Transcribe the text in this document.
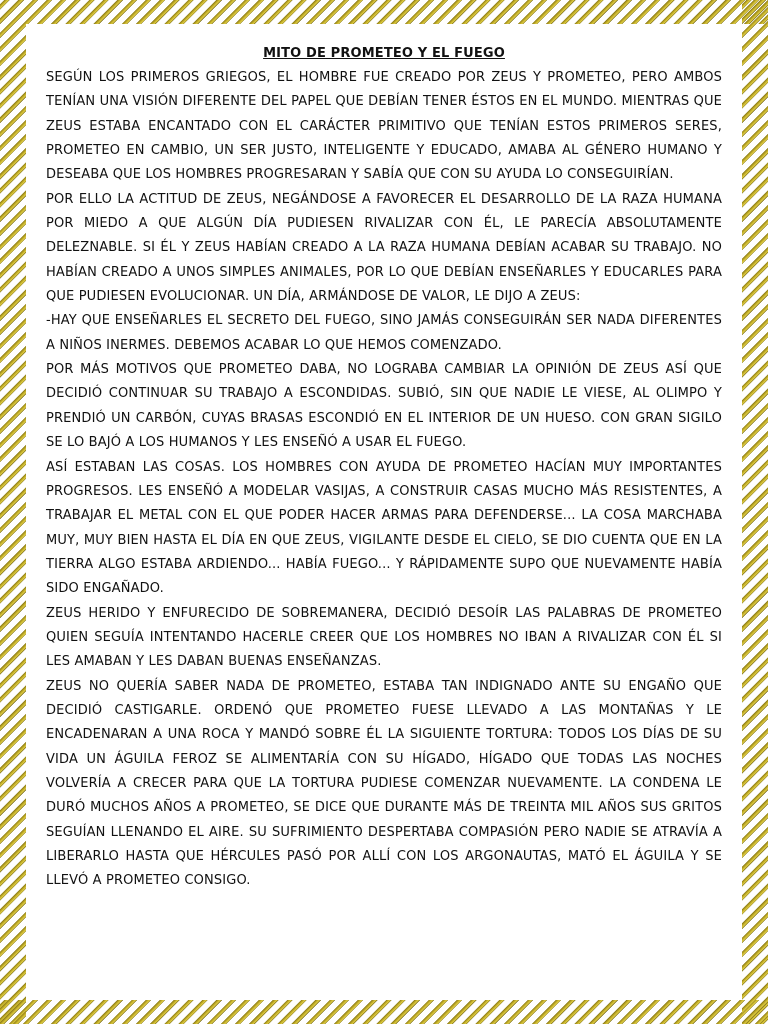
MITO DE PROMETEO Y EL FUEGO

SEGÚN LOS PRIMEROS GRIEGOS, EL HOMBRE FUE CREADO POR ZEUS Y PROMETEO, PERO AMBOS TENÍAN UNA VISIÓN DIFERENTE DEL PAPEL QUE DEBÍAN TENER ÉSTOS EN EL MUNDO. MIENTRAS QUE ZEUS ESTABA ENCANTADO CON EL CARÁCTER PRIMITIVO QUE TENÍAN ESTOS PRIMEROS SERES, PROMETEO EN CAMBIO, UN SER JUSTO, INTELIGENTE Y EDUCADO, AMABA AL GÉNERO HUMANO Y DESEABA QUE LOS HOMBRES PROGRESARAN Y SABÍA QUE CON SU AYUDA LO CONSEGUIRÍAN.

POR ELLO LA ACTITUD DE ZEUS, NEGÁNDOSE A FAVORECER EL DESARROLLO DE LA RAZA HUMANA POR MIEDO A QUE ALGÚN DÍA PUDIESEN RIVALIZAR CON ÉL, LE PARECÍA ABSOLUTAMENTE DELEZNABLE. SI ÉL Y ZEUS HABÍAN CREADO A LA RAZA HUMANA DEBÍAN ACABAR SU TRABAJO. NO HABÍAN CREADO A UNOS SIMPLES ANIMALES, POR LO QUE DEBÍAN ENSEÑARLES Y EDUCARLES PARA QUE PUDIESEN EVOLUCIONAR. UN DÍA, ARMÁNDOSE DE VALOR, LE DIJO A ZEUS:

-HAY QUE ENSEÑARLES EL SECRETO DEL FUEGO, SINO JAMÁS CONSEGUIRÁN SER NADA DIFERENTES A NIÑOS INERMES. DEBEMOS ACABAR LO QUE HEMOS COMENZADO.

POR MÁS MOTIVOS QUE PROMETEO DABA, NO LOGRABA CAMBIAR LA OPINIÓN DE ZEUS ASÍ QUE DECIDIÓ CONTINUAR SU TRABAJO A ESCONDIDAS. SUBIÓ, SIN QUE NADIE LE VIESE, AL OLIMPO Y PRENDIÓ UN CARBÓN, CUYAS BRASAS ESCONDIÓ EN EL INTERIOR DE UN HUESO. CON GRAN SIGILO SE LO BAJÓ A LOS HUMANOS Y LES ENSEÑÓ A USAR EL FUEGO.

ASÍ ESTABAN LAS COSAS. LOS HOMBRES CON AYUDA DE PROMETEO HACÍAN MUY IMPORTANTES PROGRESOS. LES ENSEÑÓ A MODELAR VASIJAS, A CONSTRUIR CASAS MUCHO MÁS RESISTENTES, A TRABAJAR EL METAL CON EL QUE PODER HACER ARMAS PARA DEFENDERSE... LA COSA MARCHABA MUY, MUY BIEN HASTA EL DÍA EN QUE ZEUS, VIGILANTE DESDE EL CIELO, SE DIO CUENTA QUE EN LA TIERRA ALGO ESTABA ARDIENDO... HABÍA FUEGO... Y RÁPIDAMENTE SUPO QUE NUEVAMENTE HABÍA SIDO ENGAÑADO.

ZEUS HERIDO Y ENFURECIDO DE SOBREMANERA, DECIDIÓ DESOÍR LAS PALABRAS DE PROMETEO QUIEN SEGUÍA INTENTANDO HACERLE CREER QUE LOS HOMBRES NO IBAN A RIVALIZAR CON ÉL SI LES AMABAN Y LES DABAN BUENAS ENSEÑANZAS.

ZEUS NO QUERÍA SABER NADA DE PROMETEO, ESTABA TAN INDIGNADO ANTE SU ENGAÑO QUE DECIDIÓ CASTIGARLE. ORDENÓ QUE PROMETEO FUESE LLEVADO A LAS MONTAÑAS Y LE ENCADENARAN A UNA ROCA Y MANDÓ SOBRE ÉL LA SIGUIENTE TORTURA: TODOS LOS DÍAS DE SU VIDA UN ÁGUILA FEROZ SE ALIMENTARÍA CON SU HÍGADO, HÍGADO QUE TODAS LAS NOCHES VOLVERÍA A CRECER PARA QUE LA TORTURA PUDIESE COMENZAR NUEVAMENTE. LA CONDENA LE DURÓ MUCHOS AÑOS A PROMETEO, SE DICE QUE DURANTE MÁS DE TREINTA MIL AÑOS SUS GRITOS SEGUÍAN LLENANDO EL AIRE. SU SUFRIMIENTO DESPERTABA COMPASIÓN PERO NADIE SE ATRAVÍA A LIBERARLO HASTA QUE HÉRCULES PASÓ POR ALLÍ CON LOS ARGONAUTAS, MATÓ EL ÁGUILA Y SE LLEVÓ A PROMETEO CONSIGO.
